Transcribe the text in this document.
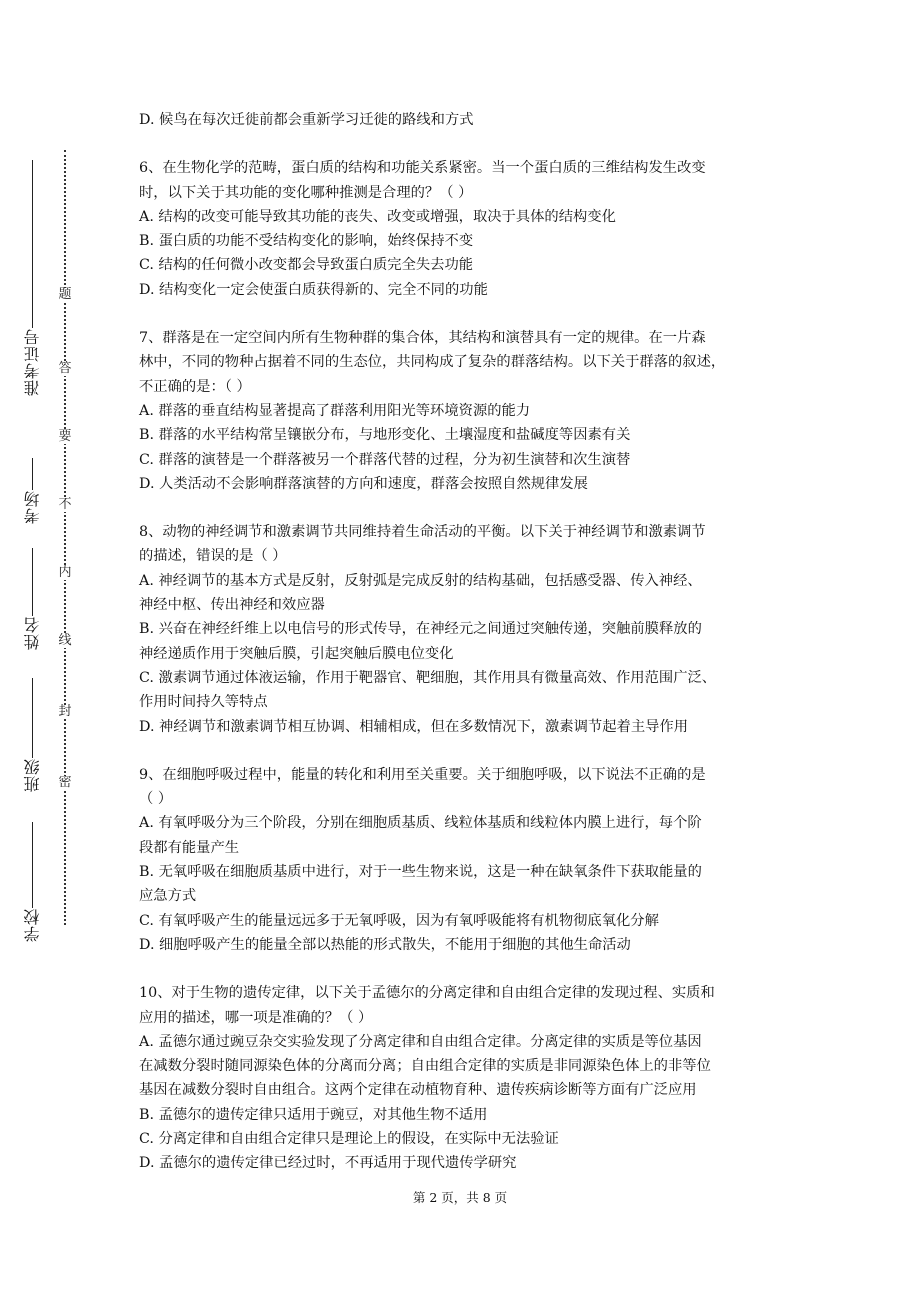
题
答
要
不
内
线
封
密
准考证号
考场
姓名
班级
学校
D. 候鸟在每次迁徙前都会重新学习迁徙的路线和方式
6、在生物化学的范畴，蛋白质的结构和功能关系紧密。当一个蛋白质的三维结构发生改变
时，以下关于其功能的变化哪种推测是合理的？（ ）
A. 结构的改变可能导致其功能的丧失、改变或增强，取决于具体的结构变化
B. 蛋白质的功能不受结构变化的影响，始终保持不变
C. 结构的任何微小改变都会导致蛋白质完全失去功能
D. 结构变化一定会使蛋白质获得新的、完全不同的功能
7、群落是在一定空间内所有生物种群的集合体，其结构和演替具有一定的规律。在一片森
林中，不同的物种占据着不同的生态位，共同构成了复杂的群落结构。以下关于群落的叙述，
不正确的是：（ ）
A. 群落的垂直结构显著提高了群落利用阳光等环境资源的能力
B. 群落的水平结构常呈镶嵌分布，与地形变化、土壤湿度和盐碱度等因素有关
C. 群落的演替是一个群落被另一个群落代替的过程，分为初生演替和次生演替
D. 人类活动不会影响群落演替的方向和速度，群落会按照自然规律发展
8、动物的神经调节和激素调节共同维持着生命活动的平衡。以下关于神经调节和激素调节
的描述，错误的是（ ）
A. 神经调节的基本方式是反射，反射弧是完成反射的结构基础，包括感受器、传入神经、
神经中枢、传出神经和效应器
B. 兴奋在神经纤维上以电信号的形式传导，在神经元之间通过突触传递，突触前膜释放的
神经递质作用于突触后膜，引起突触后膜电位变化
C. 激素调节通过体液运输，作用于靶器官、靶细胞，其作用具有微量高效、作用范围广泛、
作用时间持久等特点
D. 神经调节和激素调节相互协调、相辅相成，但在多数情况下，激素调节起着主导作用
9、在细胞呼吸过程中，能量的转化和利用至关重要。关于细胞呼吸，以下说法不正确的是
（ ）
A. 有氧呼吸分为三个阶段，分别在细胞质基质、线粒体基质和线粒体内膜上进行，每个阶
段都有能量产生
B. 无氧呼吸在细胞质基质中进行，对于一些生物来说，这是一种在缺氧条件下获取能量的
应急方式
C. 有氧呼吸产生的能量远远多于无氧呼吸，因为有氧呼吸能将有机物彻底氧化分解
D. 细胞呼吸产生的能量全部以热能的形式散失，不能用于细胞的其他生命活动
10、对于生物的遗传定律，以下关于孟德尔的分离定律和自由组合定律的发现过程、实质和
应用的描述，哪一项是准确的？（ ）
A. 孟德尔通过豌豆杂交实验发现了分离定律和自由组合定律。分离定律的实质是等位基因
在减数分裂时随同源染色体的分离而分离；自由组合定律的实质是非同源染色体上的非等位
基因在减数分裂时自由组合。这两个定律在动植物育种、遗传疾病诊断等方面有广泛应用
B. 孟德尔的遗传定律只适用于豌豆，对其他生物不适用
C. 分离定律和自由组合定律只是理论上的假设，在实际中无法验证
D. 孟德尔的遗传定律已经过时，不再适用于现代遗传学研究
第 2 页，共 8 页
